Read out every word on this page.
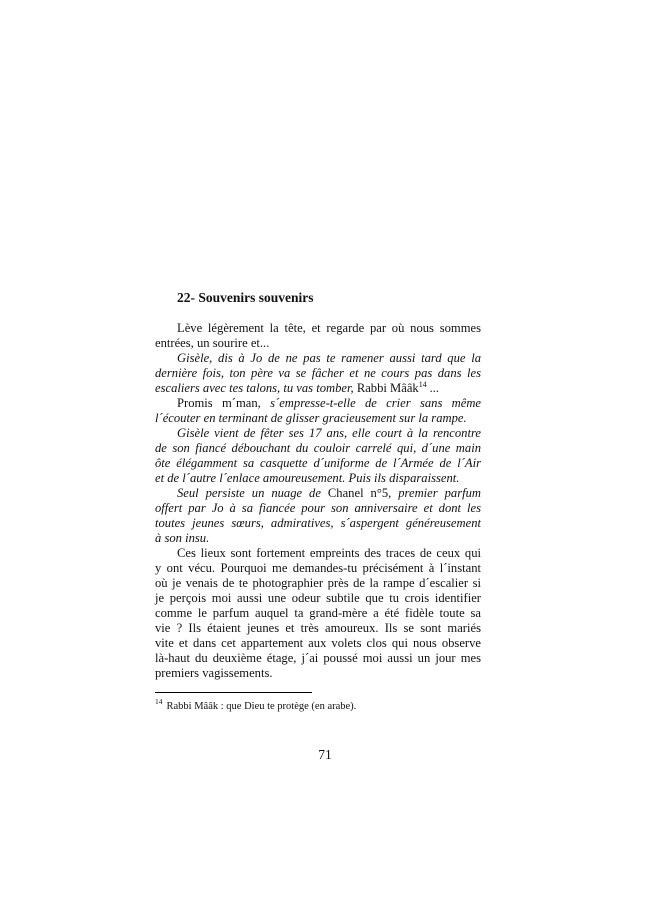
22- Souvenirs souvenirs
Lève légèrement la tête, et regarde par où nous sommes
entrées, un sourire et...
Gisèle, dis à Jo de ne pas te ramener aussi tard que la
dernière fois, ton père va se fâcher et ne cours pas dans les
escaliers avec tes talons, tu vas tomber, Rabbi Mââk$^{14}$ ...
Promis m´man, s´empresse-t-elle de crier sans même
l´écouter en terminant de glisser gracieusement sur la rampe.
Gisèle vient de fêter ses 17 ans, elle court à la rencontre
de son fiancé débouchant du couloir carrelé qui, d´une main
ôte élégamment sa casquette d´uniforme de l´Armée de l´Air
et de l´autre l´enlace amoureusement. Puis ils disparaissent.
Seul persiste un nuage de Chanel n°5, premier parfum
offert par Jo à sa fiancée pour son anniversaire et dont les
toutes jeunes sœurs, admiratives, s´aspergent généreusement
à son insu.
Ces lieux sont fortement empreints des traces de ceux qui
y ont vécu. Pourquoi me demandes-tu précisément à l´instant
où je venais de te photographier près de la rampe d´escalier si
je perçois moi aussi une odeur subtile que tu crois identifier
comme le parfum auquel ta grand-mère a été fidèle toute sa
vie ? Ils étaient jeunes et très amoureux. Ils se sont mariés
vite et dans cet appartement aux volets clos qui nous observe
là-haut du deuxième étage, j´ai poussé moi aussi un jour mes
premiers vagissements.
$^{14}$ Rabbi Mââk : que Dieu te protège (en arabe).
71
